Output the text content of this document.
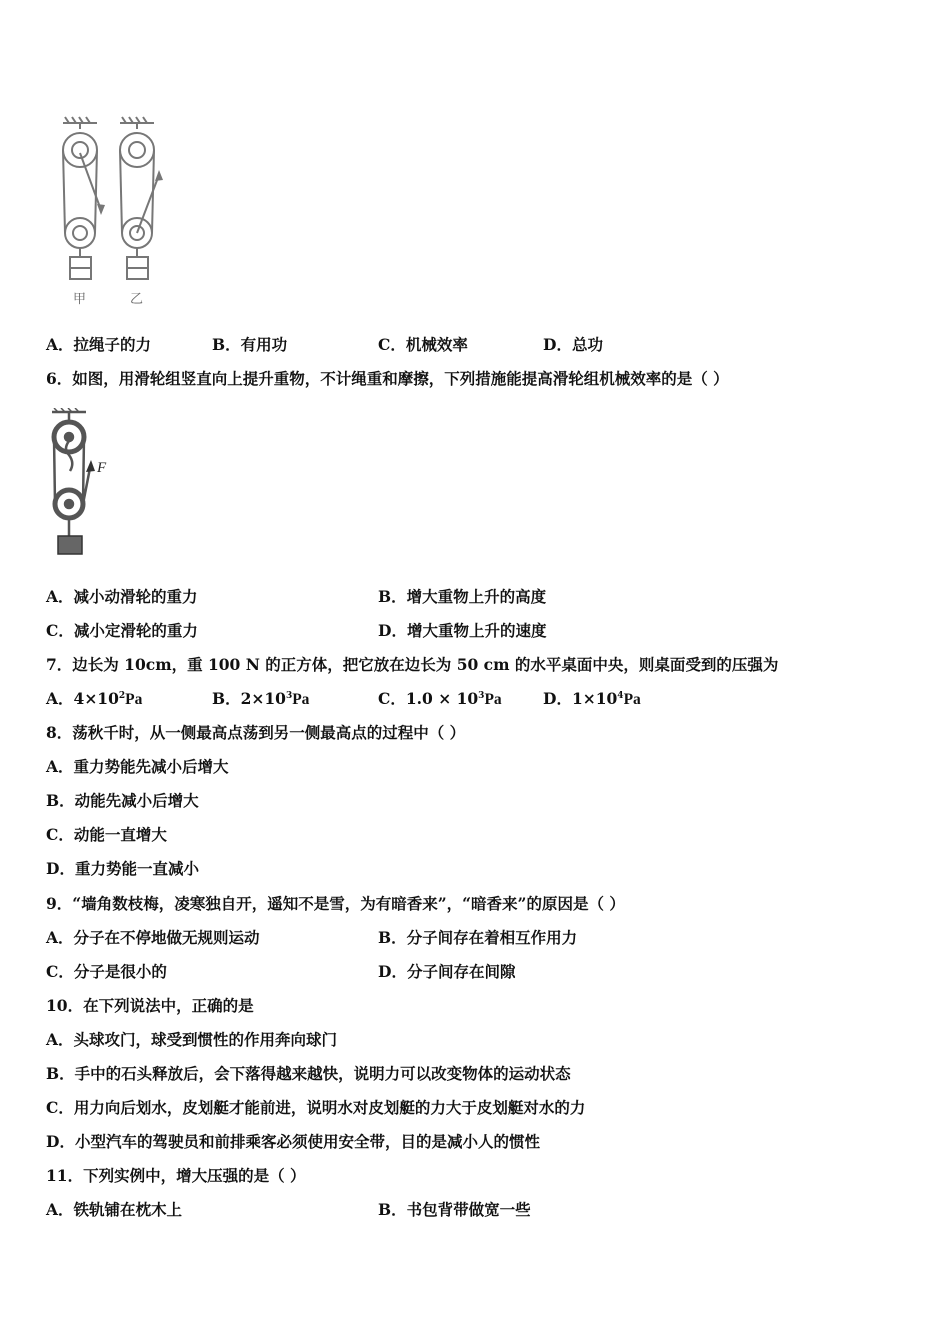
甲	乙
A．拉绳子的力	B．有用功	C．机械效率	D．总功
6．如图，用滑轮组竖直向上提升重物，不计绳重和摩擦，下列措施能提高滑轮组机械效率的是（ ）
F
A．减小动滑轮的重力	B．增大重物上升的高度
C．减小定滑轮的重力	D．增大重物上升的速度
7．边长为 10cm，重 100 N 的正方体，把它放在边长为 50 cm 的水平桌面中央，则桌面受到的压强为
A．$4\times 10^2Pa$	B．$2\times 10^3Pa$	C．$1.0 \times 10^3Pa$	D．$1\times 10^4Pa$
8．荡秋千时，从一侧最高点荡到另一侧最高点的过程中（ ）
A．重力势能先减小后增大
B．动能先减小后增大
C．动能一直增大
D．重力势能一直减小
9．“墙角数枝梅，凌寒独自开，遥知不是雪，为有暗香来”，“暗香来”的原因是（ ）
A．分子在不停地做无规则运动	B．分子间存在着相互作用力
C．分子是很小的	D．分子间存在间隙
10．在下列说法中，正确的是
A．头球攻门，球受到惯性的作用奔向球门
B．手中的石头释放后，会下落得越来越快，说明力可以改变物体的运动状态
C．用力向后划水，皮划艇才能前进，说明水对皮划艇的力大于皮划艇对水的力
D．小型汽车的驾驶员和前排乘客必须使用安全带，目的是减小人的惯性
11．下列实例中，增大压强的是（ ）
A．铁轨铺在枕木上	B．书包背带做宽一些
